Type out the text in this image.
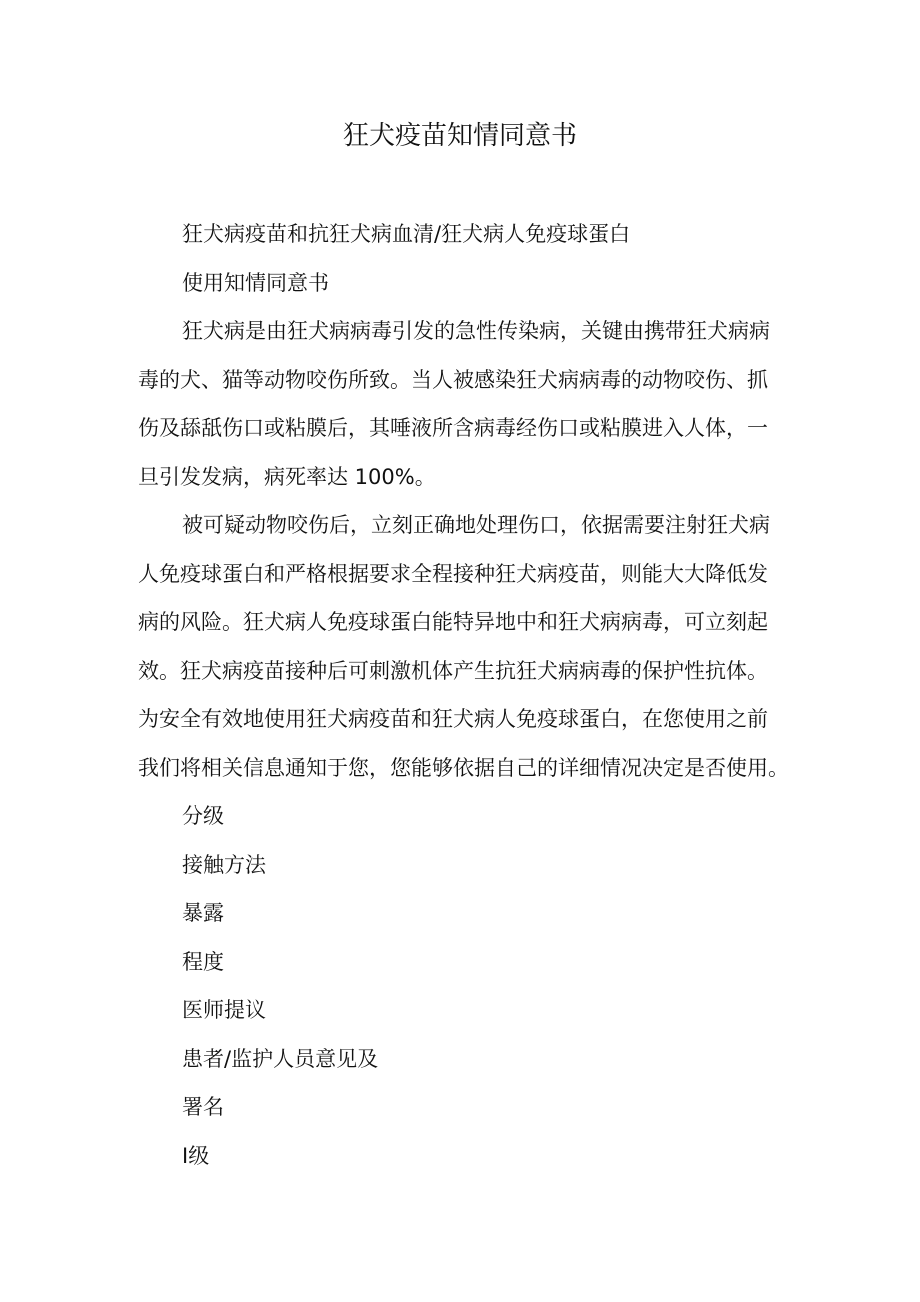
狂犬疫苗知情同意书

狂犬病疫苗和抗狂犬病血清/狂犬病人免疫球蛋白

使用知情同意书

狂犬病是由狂犬病病毒引发的急性传染病，关键由携带狂犬病病

毒的犬、猫等动物咬伤所致。当人被感染狂犬病病毒的动物咬伤、抓

伤及舔舐伤口或粘膜后，其唾液所含病毒经伤口或粘膜进入人体，一

旦引发发病，病死率达 100%。

被可疑动物咬伤后，立刻正确地处理伤口，依据需要注射狂犬病

人免疫球蛋白和严格根据要求全程接种狂犬病疫苗，则能大大降低发

病的风险。狂犬病人免疫球蛋白能特异地中和狂犬病病毒，可立刻起

效。狂犬病疫苗接种后可刺激机体产生抗狂犬病病毒的保护性抗体。

为安全有效地使用狂犬病疫苗和狂犬病人免疫球蛋白，在您使用之前

我们将相关信息通知于您，您能够依据自己的详细情况决定是否使用。

分级

接触方法

暴露

程度

医师提议

患者/监护人员意见及

署名

Ⅰ级
